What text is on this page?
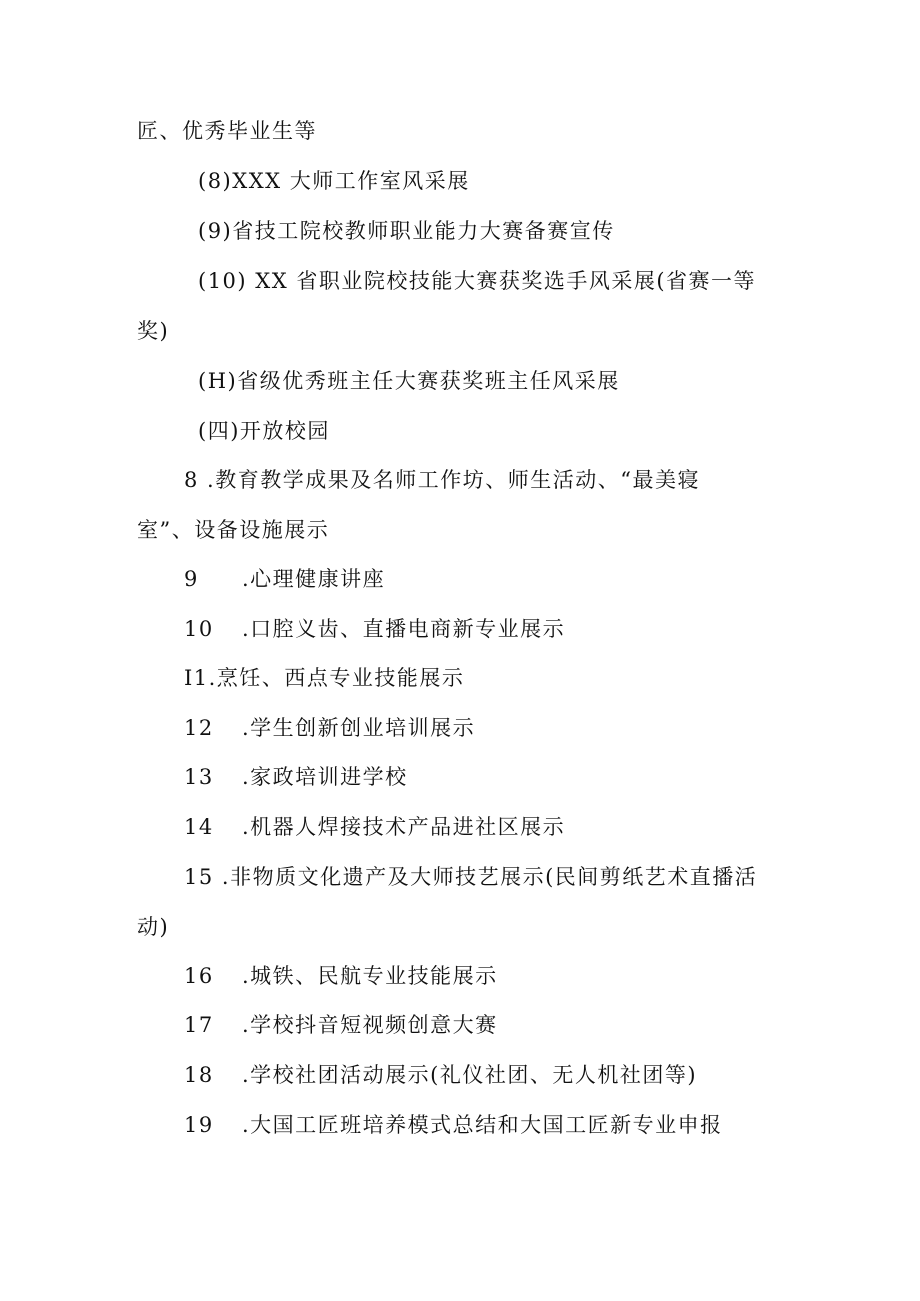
匠、优秀毕业生等
(8)XXX 大师工作室风采展
(9)省技工院校教师职业能力大赛备赛宣传
(10) XX 省职业院校技能大赛获奖选手风采展(省赛一等
奖)
(H)省级优秀班主任大赛获奖班主任风采展
(四)开放校园
8 .教育教学成果及名师工作坊、师生活动、“最美寝
室”、设备设施展示
9 .心理健康讲座
10 .口腔义齿、直播电商新专业展示
I1.烹饪、西点专业技能展示
12 .学生创新创业培训展示
13 .家政培训进学校
14 .机器人焊接技术产品进社区展示
15 .非物质文化遗产及大师技艺展示(民间剪纸艺术直播活
动)
16 .城铁、民航专业技能展示
17 .学校抖音短视频创意大赛
18 .学校社团活动展示(礼仪社团、无人机社团等)
19 .大国工匠班培养模式总结和大国工匠新专业申报
